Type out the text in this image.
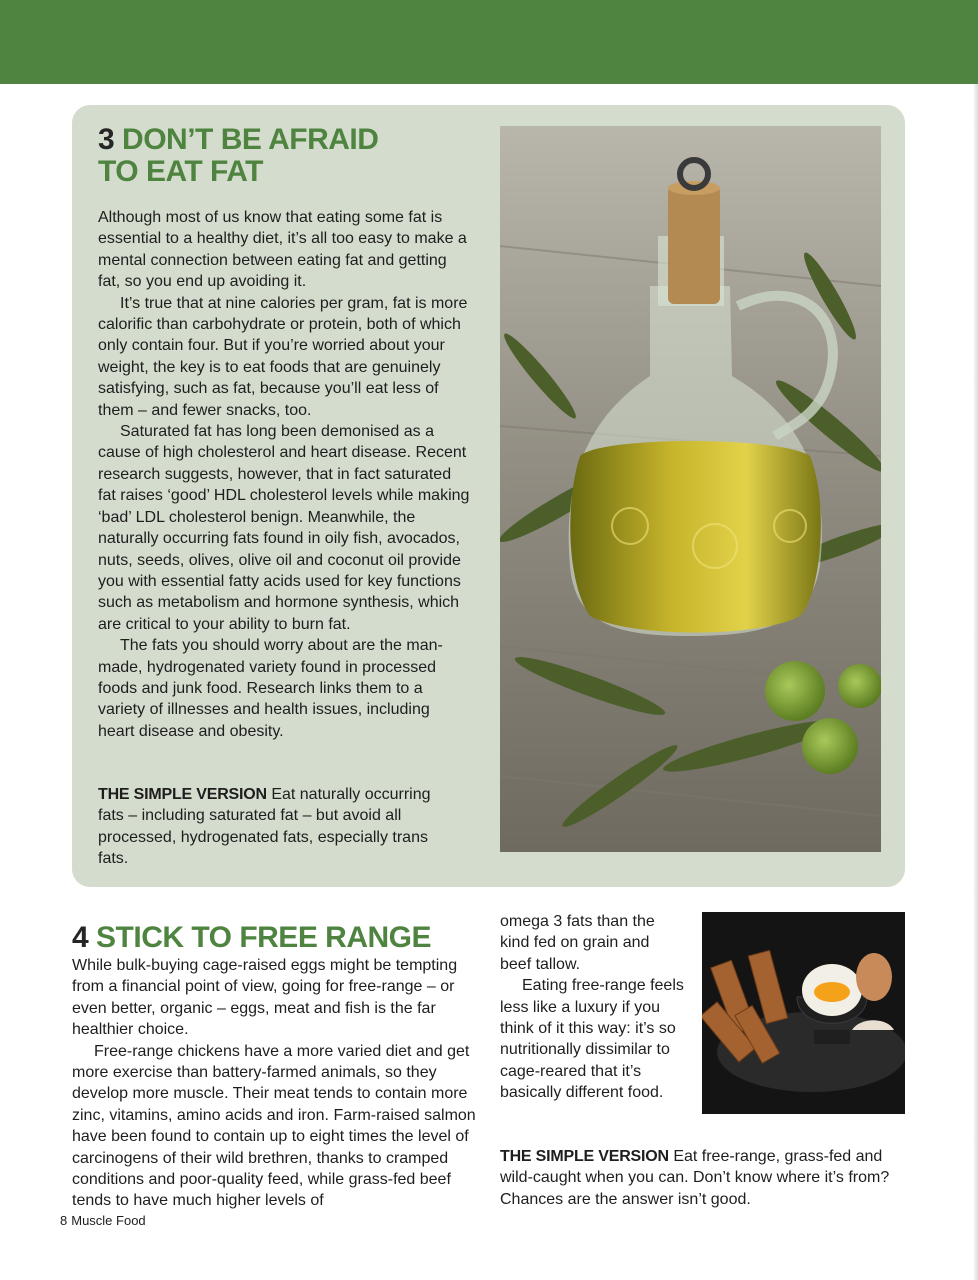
3 DON’T BE AFRAID
TO EAT FAT

Although most of us know that eating some fat is essential to a healthy diet, it’s all too easy to make a mental connection between eating fat and getting fat, so you end up avoiding it.

It’s true that at nine calories per gram, fat is more calorific than carbohydrate or protein, both of which only contain four. But if you’re worried about your weight, the key is to eat foods that are genuinely satisfying, such as fat, because you’ll eat less of them – and fewer snacks, too.

Saturated fat has long been demonised as a cause of high cholesterol and heart disease. Recent research suggests, however, that in fact saturated fat raises ‘good’ HDL cholesterol levels while making ‘bad’ LDL cholesterol benign. Meanwhile, the naturally occurring fats found in oily fish, avocados, nuts, seeds, olives, olive oil and coconut oil provide you with essential fatty acids used for key functions such as metabolism and hormone synthesis, which are critical to your ability to burn fat.

The fats you should worry about are the man-made, hydrogenated variety found in processed foods and junk food. Research links them to a variety of illnesses and health issues, including heart disease and obesity.

THE SIMPLE VERSION Eat naturally occurring fats – including saturated fat – but avoid all processed, hydrogenated fats, especially trans fats.
4 STICK TO FREE RANGE

While bulk-buying cage-raised eggs might be tempting from a financial point of view, going for free-range – or even better, organic – eggs, meat and fish is the far healthier choice.

Free-range chickens have a more varied diet and get more exercise than battery-farmed animals, so they develop more muscle. Their meat tends to contain more zinc, vitamins, amino acids and iron. Farm-raised salmon have been found to contain up to eight times the level of carcinogens of their wild brethren, thanks to cramped conditions and poor-quality feed, while grass-fed beef tends to have much higher levels of

omega 3 fats than the kind fed on grain and beef tallow.

Eating free-range feels less like a luxury if you think of it this way: it’s so nutritionally dissimilar to cage-reared that it’s basically different food.

THE SIMPLE VERSION Eat free-range, grass-fed and wild-caught when you can. Don’t know where it’s from? Chances are the answer isn’t good.
8 Muscle Food
